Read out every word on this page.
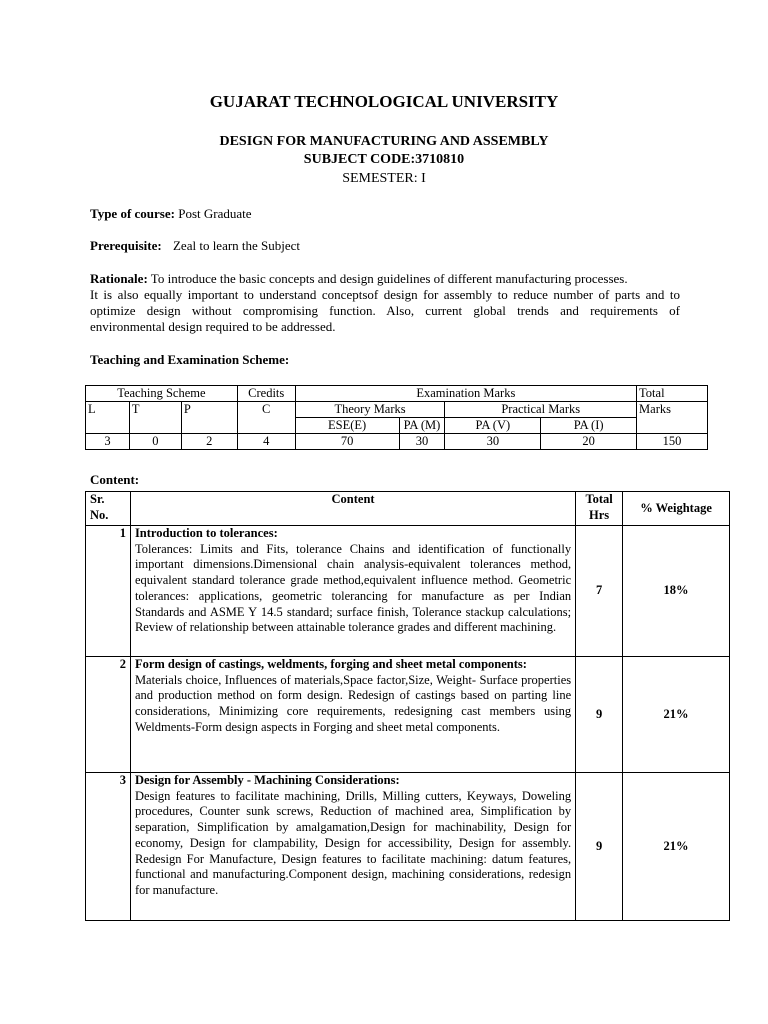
GUJARAT TECHNOLOGICAL UNIVERSITY
DESIGN FOR MANUFACTURING AND ASSEMBLY
SUBJECT CODE:3710810
SEMESTER: I
Type of course: Post Graduate
Prerequisite: Zeal to learn the Subject
Rationale: To introduce the basic concepts and design guidelines of different manufacturing processes.
It is also equally important to understand conceptsof design for assembly to reduce number of parts and to
optimize design without compromising function. Also, current global trends and requirements of
environmental design required to be addressed.
Teaching and Examination Scheme:
Teaching Scheme			Credits	Examination Marks				Total
L	T	P	C	Theory Marks		Practical Marks		Marks
				ESE(E)	PA (M)	PA (V)	PA (I)	
3	0	2	4	70	30	30	20	150
Content:
Sr. No.	Content	Total Hrs	% Weightage
1	Introduction to tolerances:
Tolerances: Limits and Fits, tolerance Chains and identification of functionally important dimensions.Dimensional chain analysis-equivalent tolerances method, equivalent standard tolerance grade method,equivalent influence method. Geometric tolerances: applications, geometric tolerancing for manufacture as per Indian Standards and ASME Y 14.5 standard; surface finish, Tolerance stackup calculations; Review of relationship between attainable tolerance grades and different machining.	7	18%
2	Form design of castings, weldments, forging and sheet metal components:
Materials choice, Influences of materials,Space factor,Size, Weight- Surface properties and production method on form design. Redesign of castings based on parting line considerations, Minimizing core requirements, redesigning cast members using Weldments-Form design aspects in Forging and sheet metal components.	9	21%
3	Design for Assembly - Machining Considerations:
Design features to facilitate machining, Drills, Milling cutters, Keyways, Doweling procedures, Counter sunk screws, Reduction of machined area, Simplification by separation, Simplification by amalgamation,Design for machinability, Design for economy, Design for clampability, Design for accessibility, Design for assembly. Redesign For Manufacture, Design features to facilitate machining: datum features, functional and manufacturing.Component design, machining considerations, redesign for manufacture.	9	21%
